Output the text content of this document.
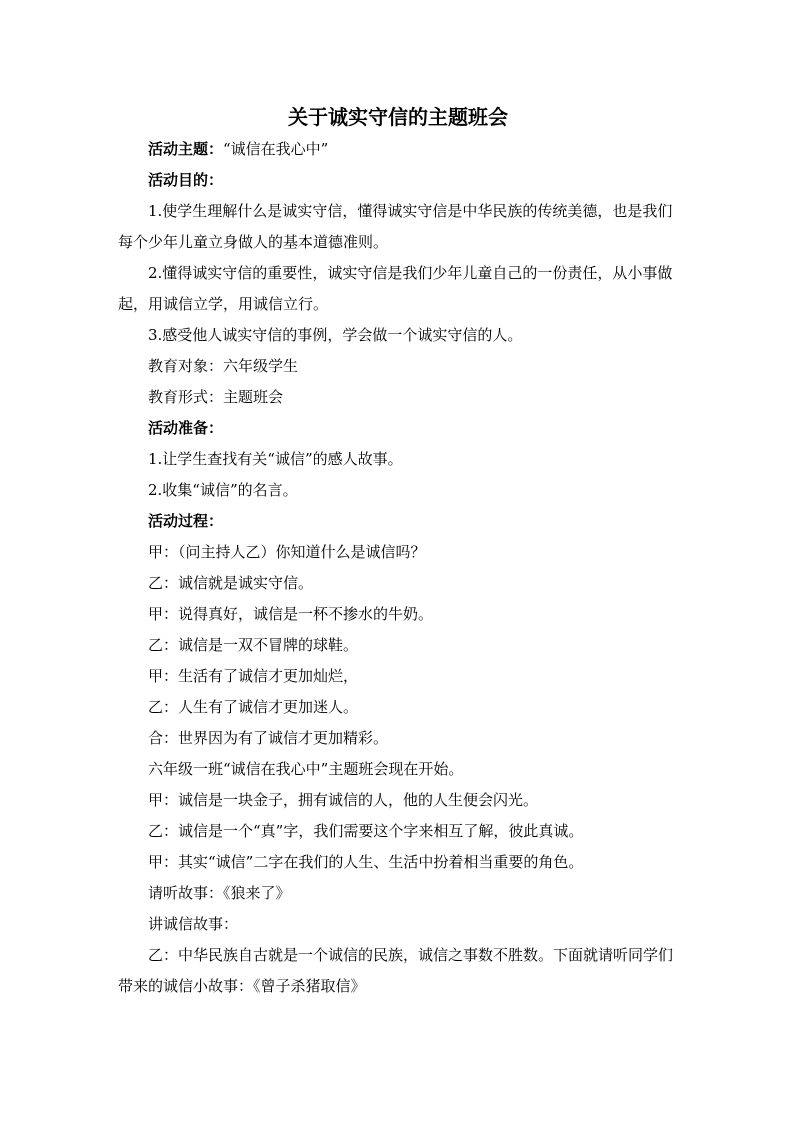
关于诚实守信的主题班会

活动主题：“诚信在我心中”

活动目的：

1.使学生理解什么是诚实守信，懂得诚实守信是中华民族的传统美德，也是我们每个少年儿童立身做人的基本道德准则。

2.懂得诚实守信的重要性，诚实守信是我们少年儿童自己的一份责任，从小事做起，用诚信立学，用诚信立行。

3.感受他人诚实守信的事例，学会做一个诚实守信的人。

教育对象：六年级学生

教育形式：主题班会

活动准备：

1.让学生查找有关“诚信”的感人故事。

2.收集“诚信”的名言。

活动过程：

甲：（问主持人乙）你知道什么是诚信吗？

乙：诚信就是诚实守信。

甲：说得真好，诚信是一杯不掺水的牛奶。

乙：诚信是一双不冒牌的球鞋。

甲：生活有了诚信才更加灿烂，

乙：人生有了诚信才更加迷人。

合：世界因为有了诚信才更加精彩。

六年级一班“诚信在我心中”主题班会现在开始。

甲：诚信是一块金子，拥有诚信的人，他的人生便会闪光。

乙：诚信是一个“真”字，我们需要这个字来相互了解，彼此真诚。

甲：其实“诚信”二字在我们的人生、生活中扮着相当重要的角色。

请听故事：《狼来了》

讲诚信故事：

乙：中华民族自古就是一个诚信的民族，诚信之事数不胜数。下面就请听同学们带来的诚信小故事：《曾子杀猪取信》
